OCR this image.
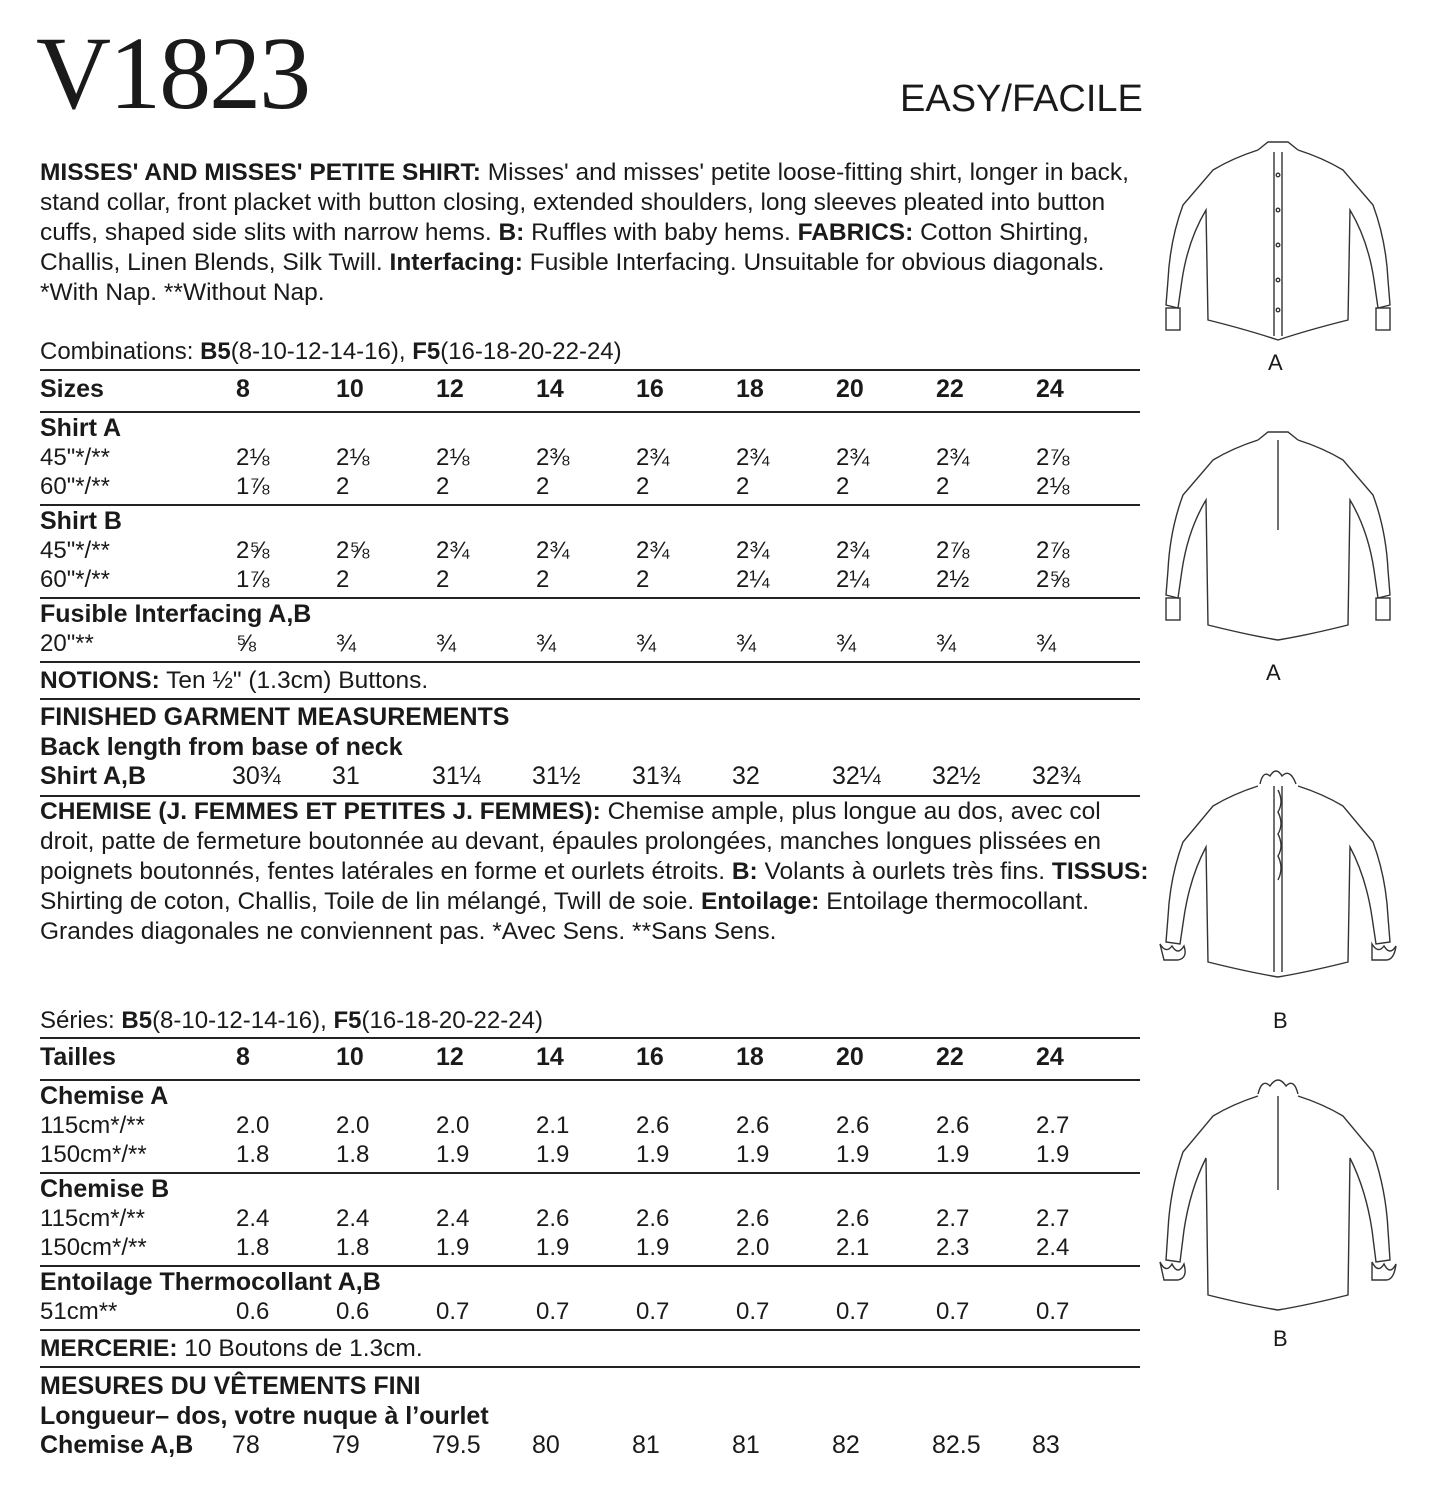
V1823	EASY/FACILE
MISSES' AND MISSES' PETITE SHIRT: Misses' and misses' petite loose-fitting shirt, longer in back, stand collar, front placket with button closing, extended shoulders, long sleeves pleated into button cuffs, shaped side slits with narrow hems. B: Ruffles with baby hems. FABRICS: Cotton Shirting, Challis, Linen Blends, Silk Twill. Interfacing: Fusible Interfacing. Unsuitable for obvious diagonals. *With Nap. **Without Nap.
Combinations: B5(8-10-12-14-16), F5(16-18-20-22-24)
Sizes	8	10	12	14	16	18	20	22	24
Shirt A
45"*/**	2⅛	2⅛	2⅛	2⅜	2¾	2¾	2¾	2¾	2⅞
60"*/**	1⅞	2	2	2	2	2	2	2	2⅛
Shirt B
45"*/**	2⅝	2⅝	2¾	2¾	2¾	2¾	2¾	2⅞	2⅞
60"*/**	1⅞	2	2	2	2	2¼	2¼	2½	2⅝
Fusible Interfacing A,B
20"**	⅝	¾	¾	¾	¾	¾	¾	¾	¾
NOTIONS: Ten ½" (1.3cm) Buttons.
FINISHED GARMENT MEASUREMENTS
Back length from base of neck
Shirt A,B	30¾ 31	31¼ 31½ 31¾ 32	32¼ 32½ 32¾
CHEMISE (J. FEMMES ET PETITES J. FEMMES): Chemise ample, plus longue au dos, avec col droit, patte de fermeture boutonnée au devant, épaules prolongées, manches longues plissées en poignets boutonnés, fentes latérales en forme et ourlets étroits. B: Volants à ourlets très fins. TISSUS: Shirting de coton, Challis, Toile de lin mélangé, Twill de soie. Entoilage: Entoilage thermocollant. Grandes diagonales ne conviennent pas. *Avec Sens. **Sans Sens.
Séries: B5(8-10-12-14-16), F5(16-18-20-22-24)
Tailles	8	10	12	14	16	18	20	22	24
Chemise A
115cm*/**	2.0	2.0	2.0	2.1	2.6	2.6	2.6	2.6	2.7
150cm*/**	1.8	1.8	1.9	1.9	1.9	1.9	1.9	1.9	1.9
Chemise B
115cm*/**	2.4	2.4	2.4	2.6	2.6	2.6	2.6	2.7	2.7
150cm*/**	1.8	1.8	1.9	1.9	1.9	2.0	2.1	2.3	2.4
Entoilage Thermocollant A,B
51cm**	0.6	0.6	0.7	0.7	0.7	0.7	0.7	0.7	0.7
MERCERIE: 10 Boutons de 1.3cm.
MESURES DU VÊTEMENTS FINI
Longueur– dos, votre nuque à l’ourlet
Chemise A,B 78	79	79.5 80	81	81	82	82.5 83
A
A
B
B
